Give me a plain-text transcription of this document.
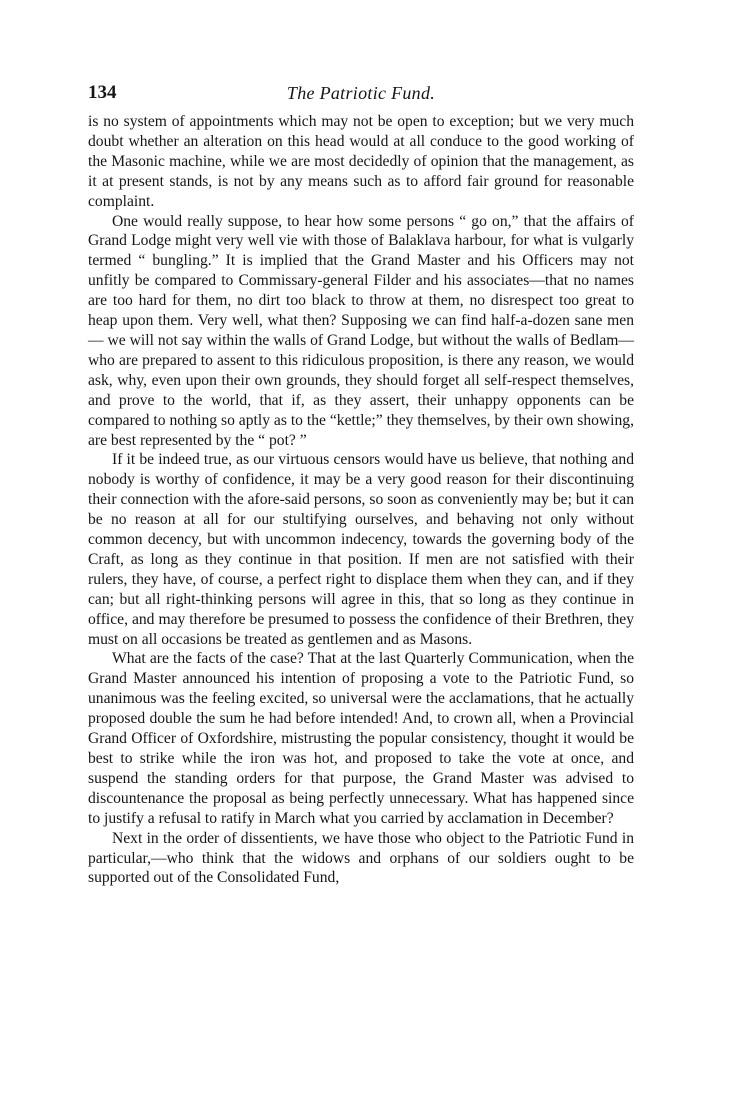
134	The Patriotic Fund.

is no system of appointments which may not be open to exception; but we very much doubt whether an alteration on this head would at all conduce to the good working of the Masonic machine, while we are most decidedly of opinion that the management, as it at present stands, is not by any means such as to afford fair ground for reasonable complaint.

One would really suppose, to hear how some persons “ go on,” that the affairs of Grand Lodge might very well vie with those of Balaklava harbour, for what is vulgarly termed “ bungling.” It is implied that the Grand Master and his Officers may not unfitly be compared to Commissary-general Filder and his associates—that no names are too hard for them, no dirt too black to throw at them, no disrespect too great to heap upon them. Very well, what then? Supposing we can find half-a-dozen sane men — we will not say within the walls of Grand Lodge, but without the walls of Bedlam— who are prepared to assent to this ridiculous proposition, is there any reason, we would ask, why, even upon their own grounds, they should forget all self-respect themselves, and prove to the world, that if, as they assert, their unhappy opponents can be compared to nothing so aptly as to the “kettle;” they themselves, by their own showing, are best represented by the “ pot? ”

If it be indeed true, as our virtuous censors would have us believe, that nothing and nobody is worthy of confidence, it may be a very good reason for their discontinuing their connection with the afore-said persons, so soon as conveniently may be; but it can be no reason at all for our stultifying ourselves, and behaving not only without common decency, but with uncommon indecency, towards the governing body of the Craft, as long as they continue in that position. If men are not satisfied with their rulers, they have, of course, a perfect right to displace them when they can, and if they can; but all right-thinking persons will agree in this, that so long as they continue in office, and may therefore be presumed to possess the confidence of their Brethren, they must on all occasions be treated as gentlemen and as Masons.

What are the facts of the case? That at the last Quarterly Communication, when the Grand Master announced his intention of proposing a vote to the Patriotic Fund, so unanimous was the feeling excited, so universal were the acclamations, that he actually proposed double the sum he had before intended! And, to crown all, when a Provincial Grand Officer of Oxfordshire, mistrusting the popular consistency, thought it would be best to strike while the iron was hot, and proposed to take the vote at once, and suspend the standing orders for that purpose, the Grand Master was advised to discountenance the proposal as being perfectly unnecessary. What has happened since to justify a refusal to ratify in March what you carried by acclamation in December?

Next in the order of dissentients, we have those who object to the Patriotic Fund in particular,—who think that the widows and orphans of our soldiers ought to be supported out of the Consolidated Fund,
